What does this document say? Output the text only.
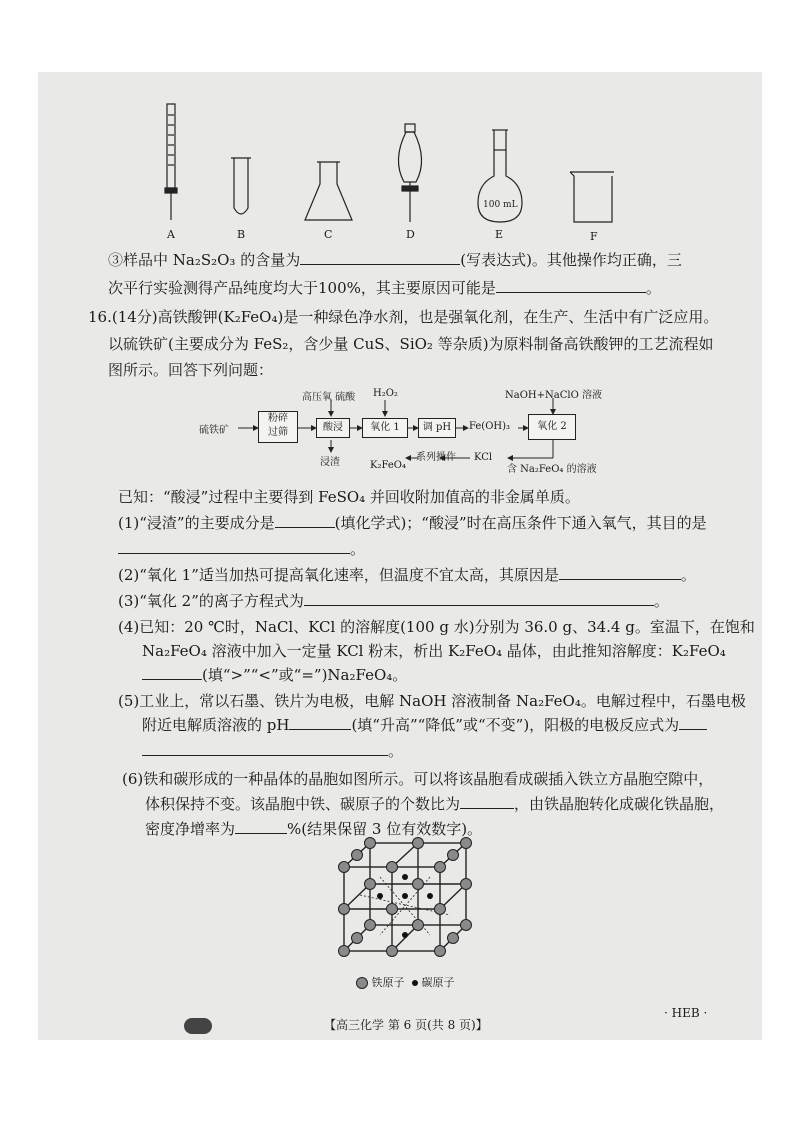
100 mL
A	B	C	D	E	F
③样品中 Na₂S₂O₃ 的含量为	(写表达式)。其他操作均正确，三
次平行实验测得产品纯度均大于100%，其主要原因可能是	。
16.(14分)高铁酸钾(K₂FeO₄)是一种绿色净水剂，也是强氧化剂，在生产、生活中有广泛应用。
以硫铁矿(主要成分为 FeS₂，含少量 CuS、SiO₂ 等杂质)为原料制备高铁酸钾的工艺流程如
图所示。回答下列问题：
硫铁矿
粉碎
过筛
高压氧 硫酸
酸浸
浸渣
H₂O₂
氧化 1	调 pH	Fe(OH)₃
NaOH+NaClO 溶液
氧化 2
含 Na₂FeO₄ 的溶液
KCl
系列操作
K₂FeO₄
已知：“酸浸”过程中主要得到 FeSO₄ 并回收附加值高的非金属单质。
(1)“浸渣”的主要成分是	(填化学式)；“酸浸”时在高压条件下通入氧气，其目的是
。
(2)“氧化 1”适当加热可提高氧化速率，但温度不宜太高，其原因是	。
(3)“氧化 2”的离子方程式为	。
(4)已知：20 ℃时，NaCl、KCl 的溶解度(100 g 水)分别为 36.0 g、34.4 g。室温下，在饱和
Na₂FeO₄ 溶液中加入一定量 KCl 粉末，析出 K₂FeO₄ 晶体，由此推知溶解度：K₂FeO₄
(填“>”“<”或“=”)Na₂FeO₄。
(5)工业上，常以石墨、铁片为电极，电解 NaOH 溶液制备 Na₂FeO₄。电解过程中，石墨电极
附近电解质溶液的 pH	(填“升高”“降低”或“不变”)，阳极的电极反应式为
。
(6)铁和碳形成的一种晶体的晶胞如图所示。可以将该晶胞看成碳插入铁立方晶胞空隙中，
体积保持不变。该晶胞中铁、碳原子的个数比为	，由铁晶胞转化成碳化铁晶胞，
密度净增率为	%(结果保留 3 位有效数字)。
铁原子 碳原子
【高三化学 第 6 页(共 8 页)】
· HEB ·
